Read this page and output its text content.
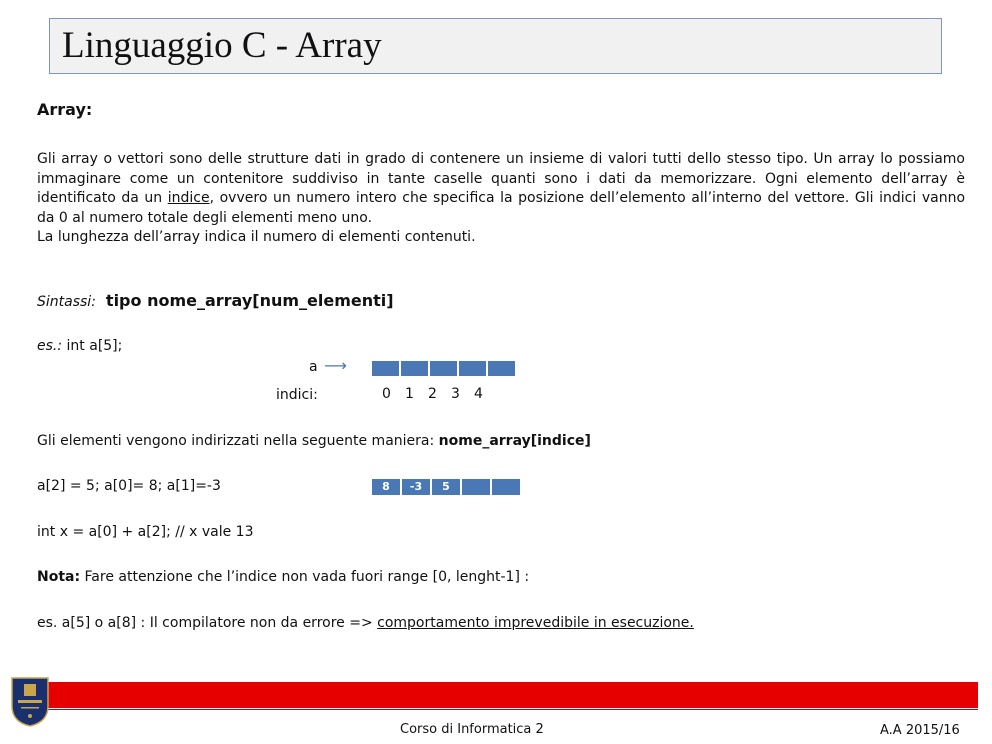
Linguaggio C - Array
Array:

Gli array o vettori sono delle strutture dati in grado di contenere un insieme di valori tutti dello stesso tipo. Un array lo possiamo immaginare come un contenitore suddiviso in tante caselle quanti sono i dati da memorizzare. Ogni elemento dell’array è identificato da un indice, ovvero un numero intero che specifica la posizione dell’elemento all’interno del vettore. Gli indici vanno da 0 al numero totale degli elementi meno uno.

La lunghezza dell’array indica il numero di elementi contenuti.

Sintassi: tipo nome_array[num_elementi]
es.: int a[5];
a ⟶
indici:	0	1	2	3	4
Gli elementi vengono indirizzati nella seguente maniera: nome_array[indice]
a[2] = 5; a[0]= 8; a[1]=-3	8	-3	5
int x = a[0] + a[2]; // x vale 13
Nota: Fare attenzione che l’indice non vada fuori range [0, lenght-1] :
es. a[5] o a[8] : Il compilatore non da errore => comportamento imprevedibile in esecuzione.
Corso di Informatica 2	A.A 2015/16
